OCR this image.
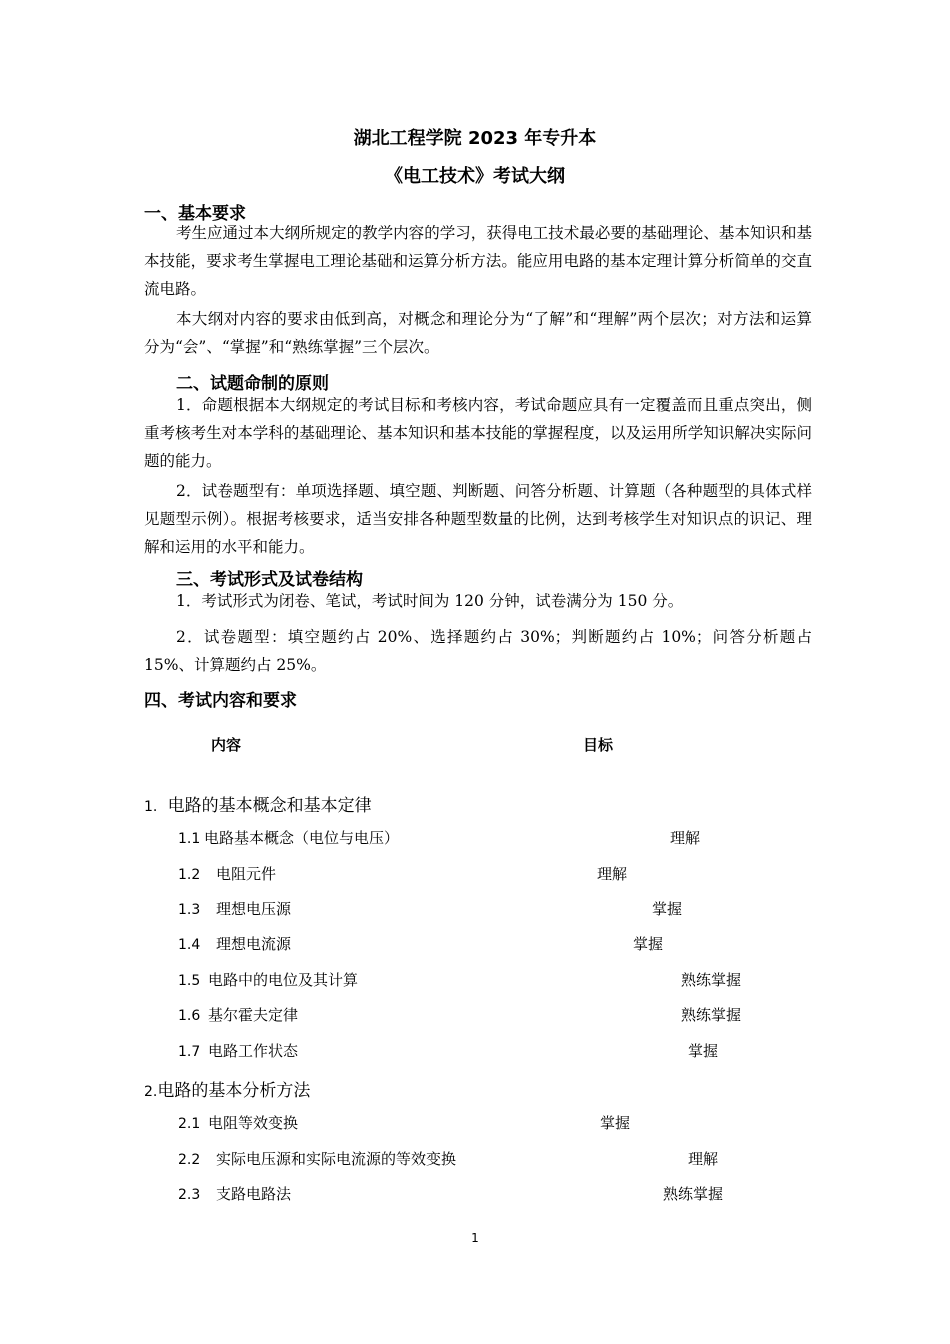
湖北工程学院 2023 年专升本
《电工技术》考试大纲
一、基本要求
考生应通过本大纲所规定的教学内容的学习，获得电工技术最必要的基础理论、基本知识和基本技能，要求考生掌握电工理论基础和运算分析方法。能应用电路的基本定理计算分析简单的交直流电路。
本大纲对内容的要求由低到高，对概念和理论分为“了解”和“理解”两个层次；对方法和运算分为“会”、“掌握”和“熟练掌握”三个层次。
二、试题命制的原则
1．命题根据本大纲规定的考试目标和考核内容，考试命题应具有一定覆盖而且重点突出，侧重考核考生对本学科的基础理论、基本知识和基本技能的掌握程度，以及运用所学知识解决实际问题的能力。
2．试卷题型有：单项选择题、填空题、判断题、问答分析题、计算题（各种题型的具体式样见题型示例）。根据考核要求，适当安排各种题型数量的比例，达到考核学生对知识点的识记、理解和运用的水平和能力。
三、考试形式及试卷结构
1．考试形式为闭卷、笔试，考试时间为 120 分钟，试卷满分为 150 分。
2．试卷题型：填空题约占 20%、选择题约占 30%；判断题约占 10%；问答分析题占 15%、计算题约占 25%。
四、考试内容和要求
内容	目标
1. 电路的基本概念和基本定律
1.1 电路基本概念（电位与电压）	理解
1.2 电阻元件	理解
1.3 理想电压源	掌握
1.4 理想电流源	掌握
1.5 电路中的电位及其计算	熟练掌握
1.6 基尔霍夫定律	熟练掌握
1.7 电路工作状态	掌握
2.电路的基本分析方法
2.1 电阻等效变换	掌握
2.2 实际电压源和实际电流源的等效变换	理解
2.3 支路电路法	熟练掌握
1
